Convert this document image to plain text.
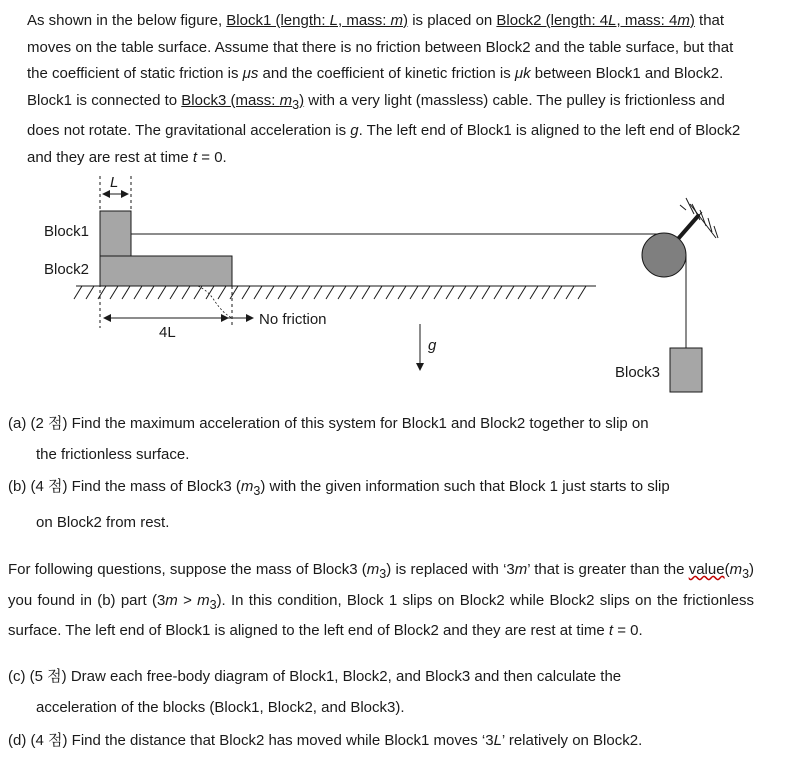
As shown in the below figure, Block1 (length: L, mass: m) is placed on Block2 (length: 4L, mass: 4m) that moves on the table surface. Assume that there is no friction between Block2 and the table surface, but that the coefficient of static friction is μs and the coefficient of kinetic friction is μk between Block1 and Block2. Block1 is connected to Block3 (mass: $m_3$) with a very light (massless) cable. The pulley is frictionless and does not rotate. The gravitational acceleration is g. The left end of Block1 is aligned to the left end of Block2 and they are rest at time t = 0.

L
Block1
Block2
No friction
4L
g
Block3

(a) (2 점) Find the maximum acceleration of this system for Block1 and Block2 together to slip on
the frictionless surface.

(b) (4 점) Find the mass of Block3 $(m_3)$ with the given information such that Block 1 just starts to slip
on Block2 from rest.

For following questions, suppose the mass of Block3 $(m_3)$ is replaced with ‘3m’ that is greater than the $value(m_3)$ you found in (b) part $(3m > m_3)$. In this condition, Block 1 slips on Block2 while Block2 slips on the frictionless surface. The left end of Block1 is aligned to the left end of Block2 and they are rest at time t = 0.

(c) (5 점) Draw each free-body diagram of Block1, Block2, and Block3 and then calculate the
acceleration of the blocks (Block1, Block2, and Block3).

(d) (4 점) Find the distance that Block2 has moved while Block1 moves ‘3L’ relatively on Block2.
